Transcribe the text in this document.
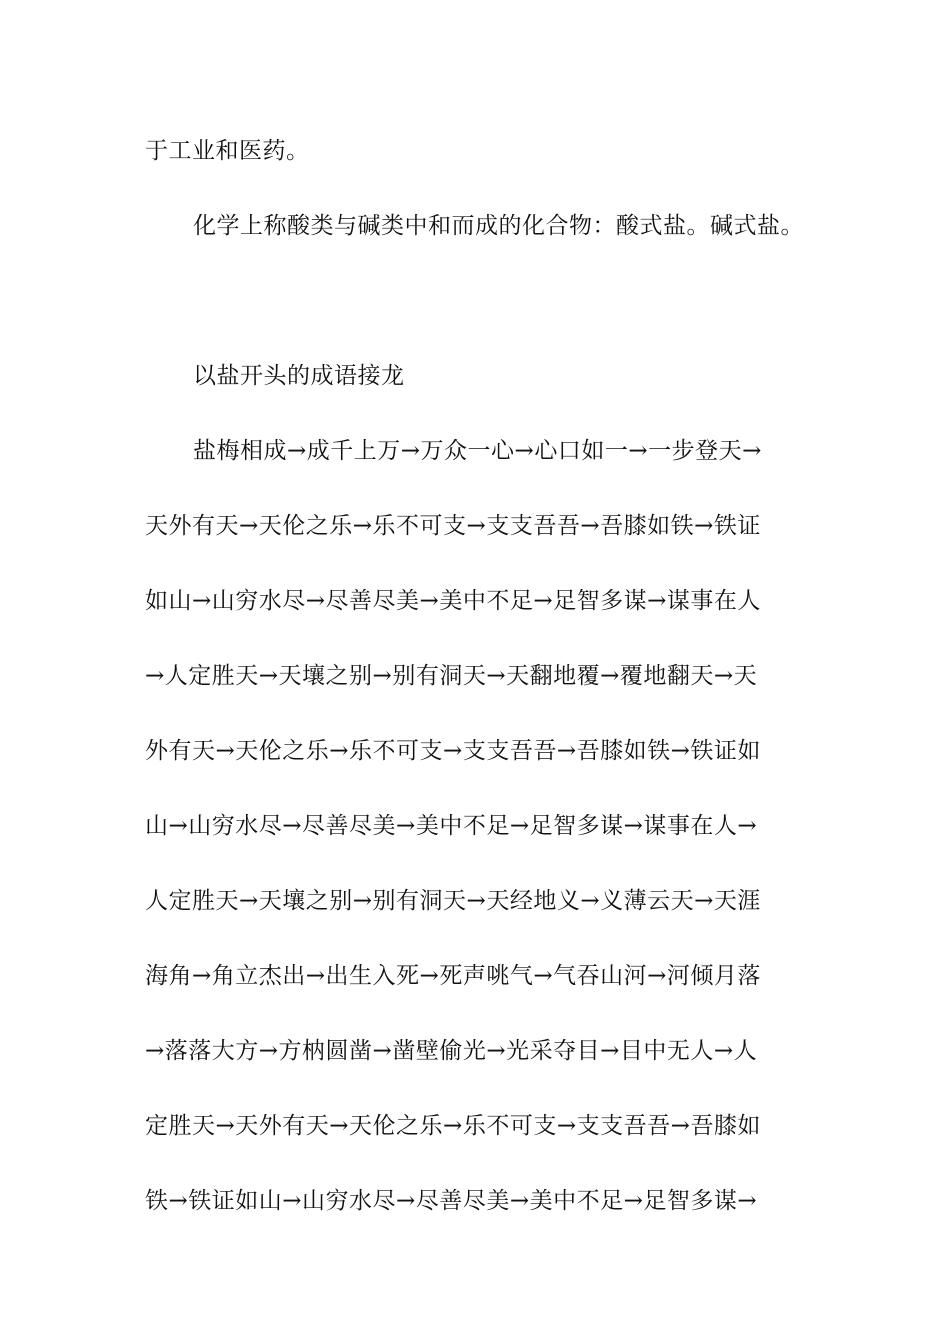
于工业和医药。
化学上称酸类与碱类中和而成的化合物：酸式盐。碱式盐。
以盐开头的成语接龙
盐梅相成→成千上万→万众一心→心口如一→一步登天→
天外有天→天伦之乐→乐不可支→支支吾吾→吾膝如铁→铁证
如山→山穷水尽→尽善尽美→美中不足→足智多谋→谋事在人
→人定胜天→天壤之别→别有洞天→天翻地覆→覆地翻天→天
外有天→天伦之乐→乐不可支→支支吾吾→吾膝如铁→铁证如
山→山穷水尽→尽善尽美→美中不足→足智多谋→谋事在人→
人定胜天→天壤之别→别有洞天→天经地义→义薄云天→天涯
海角→角立杰出→出生入死→死声咷气→气吞山河→河倾月落
→落落大方→方枘圆凿→凿壁偷光→光采夺目→目中无人→人
定胜天→天外有天→天伦之乐→乐不可支→支支吾吾→吾膝如
铁→铁证如山→山穷水尽→尽善尽美→美中不足→足智多谋→
